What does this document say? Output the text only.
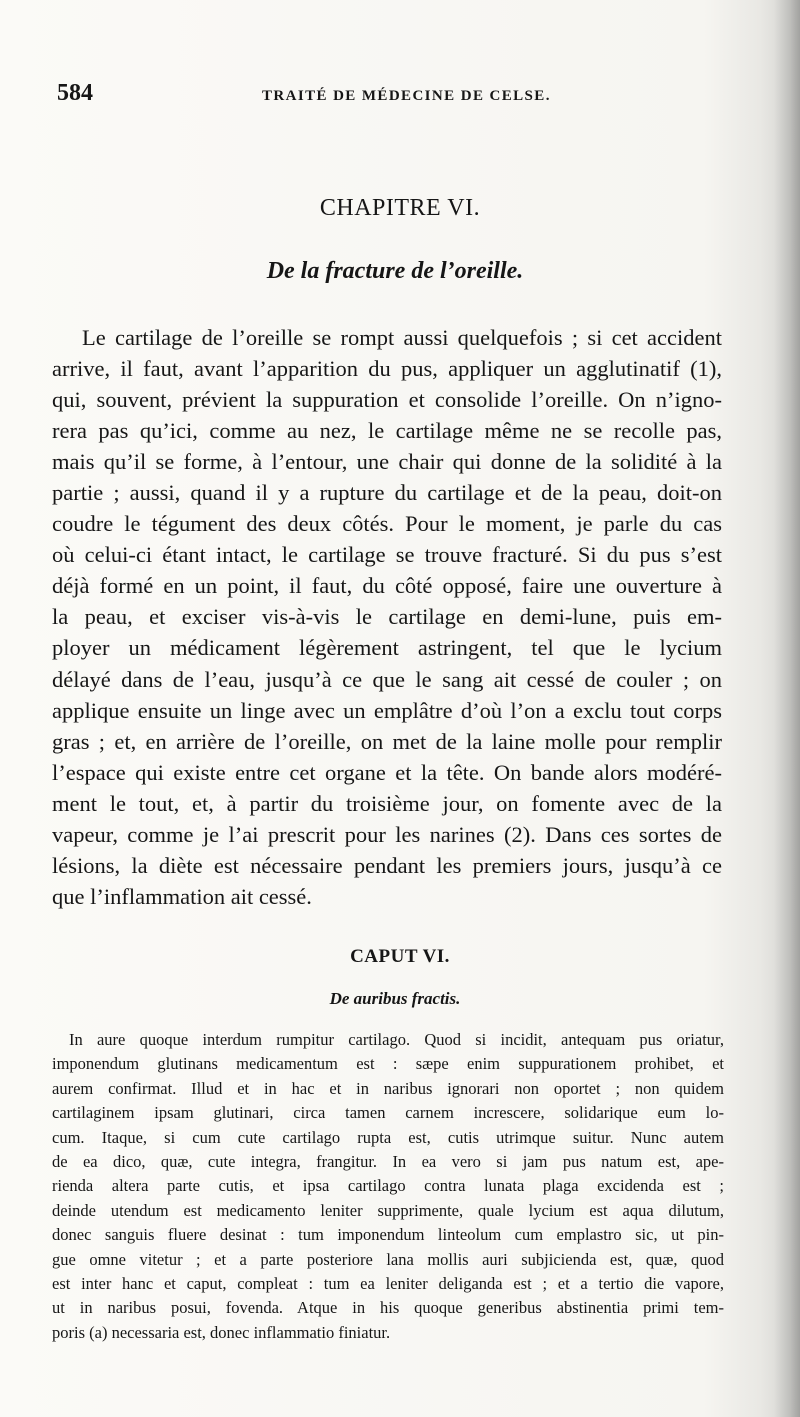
584	TRAITÉ DE MÉDECINE DE CELSE.
CHAPITRE VI.
De la fracture de l’oreille.
Le cartilage de l’oreille se rompt aussi quelquefois ; si cet accident
arrive, il faut, avant l’apparition du pus, appliquer un agglutinatif (1),
qui, souvent, prévient la suppuration et consolide l’oreille. On n’igno-
rera pas qu’ici, comme au nez, le cartilage même ne se recolle pas,
mais qu’il se forme, à l’entour, une chair qui donne de la solidité à la
partie ; aussi, quand il y a rupture du cartilage et de la peau, doit-on
coudre le tégument des deux côtés. Pour le moment, je parle du cas
où celui-ci étant intact, le cartilage se trouve fracturé. Si du pus s’est
déjà formé en un point, il faut, du côté opposé, faire une ouverture à
la peau, et exciser vis-à-vis le cartilage en demi-lune, puis em-
ployer un médicament légèrement astringent, tel que le lycium
délayé dans de l’eau, jusqu’à ce que le sang ait cessé de couler ; on
applique ensuite un linge avec un emplâtre d’où l’on a exclu tout corps
gras ; et, en arrière de l’oreille, on met de la laine molle pour remplir
l’espace qui existe entre cet organe et la tête. On bande alors modéré-
ment le tout, et, à partir du troisième jour, on fomente avec de la
vapeur, comme je l’ai prescrit pour les narines (2). Dans ces sortes de
lésions, la diète est nécessaire pendant les premiers jours, jusqu’à ce
que l’inflammation ait cessé.
CAPUT VI.
De auribus fractis.
In aure quoque interdum rumpitur cartilago. Quod si incidit, antequam pus oriatur,
imponendum glutinans medicamentum est : sæpe enim suppurationem prohibet, et
aurem confirmat. Illud et in hac et in naribus ignorari non oportet ; non quidem
cartilaginem ipsam glutinari, circa tamen carnem increscere, solidarique eum lo-
cum. Itaque, si cum cute cartilago rupta est, cutis utrimque suitur. Nunc autem
de ea dico, quæ, cute integra, frangitur. In ea vero si jam pus natum est, ape-
rienda altera parte cutis, et ipsa cartilago contra lunata plaga excidenda est ;
deinde utendum est medicamento leniter supprimente, quale lycium est aqua dilutum,
donec sanguis fluere desinat : tum imponendum linteolum cum emplastro sic, ut pin-
gue omne vitetur ; et a parte posteriore lana mollis auri subjicienda est, quæ, quod
est inter hanc et caput, compleat : tum ea leniter deliganda est ; et a tertio die vapore,
ut in naribus posui, fovenda. Atque in his quoque generibus abstinentia primi tem-
poris (a) necessaria est, donec inflammatio finiatur.
